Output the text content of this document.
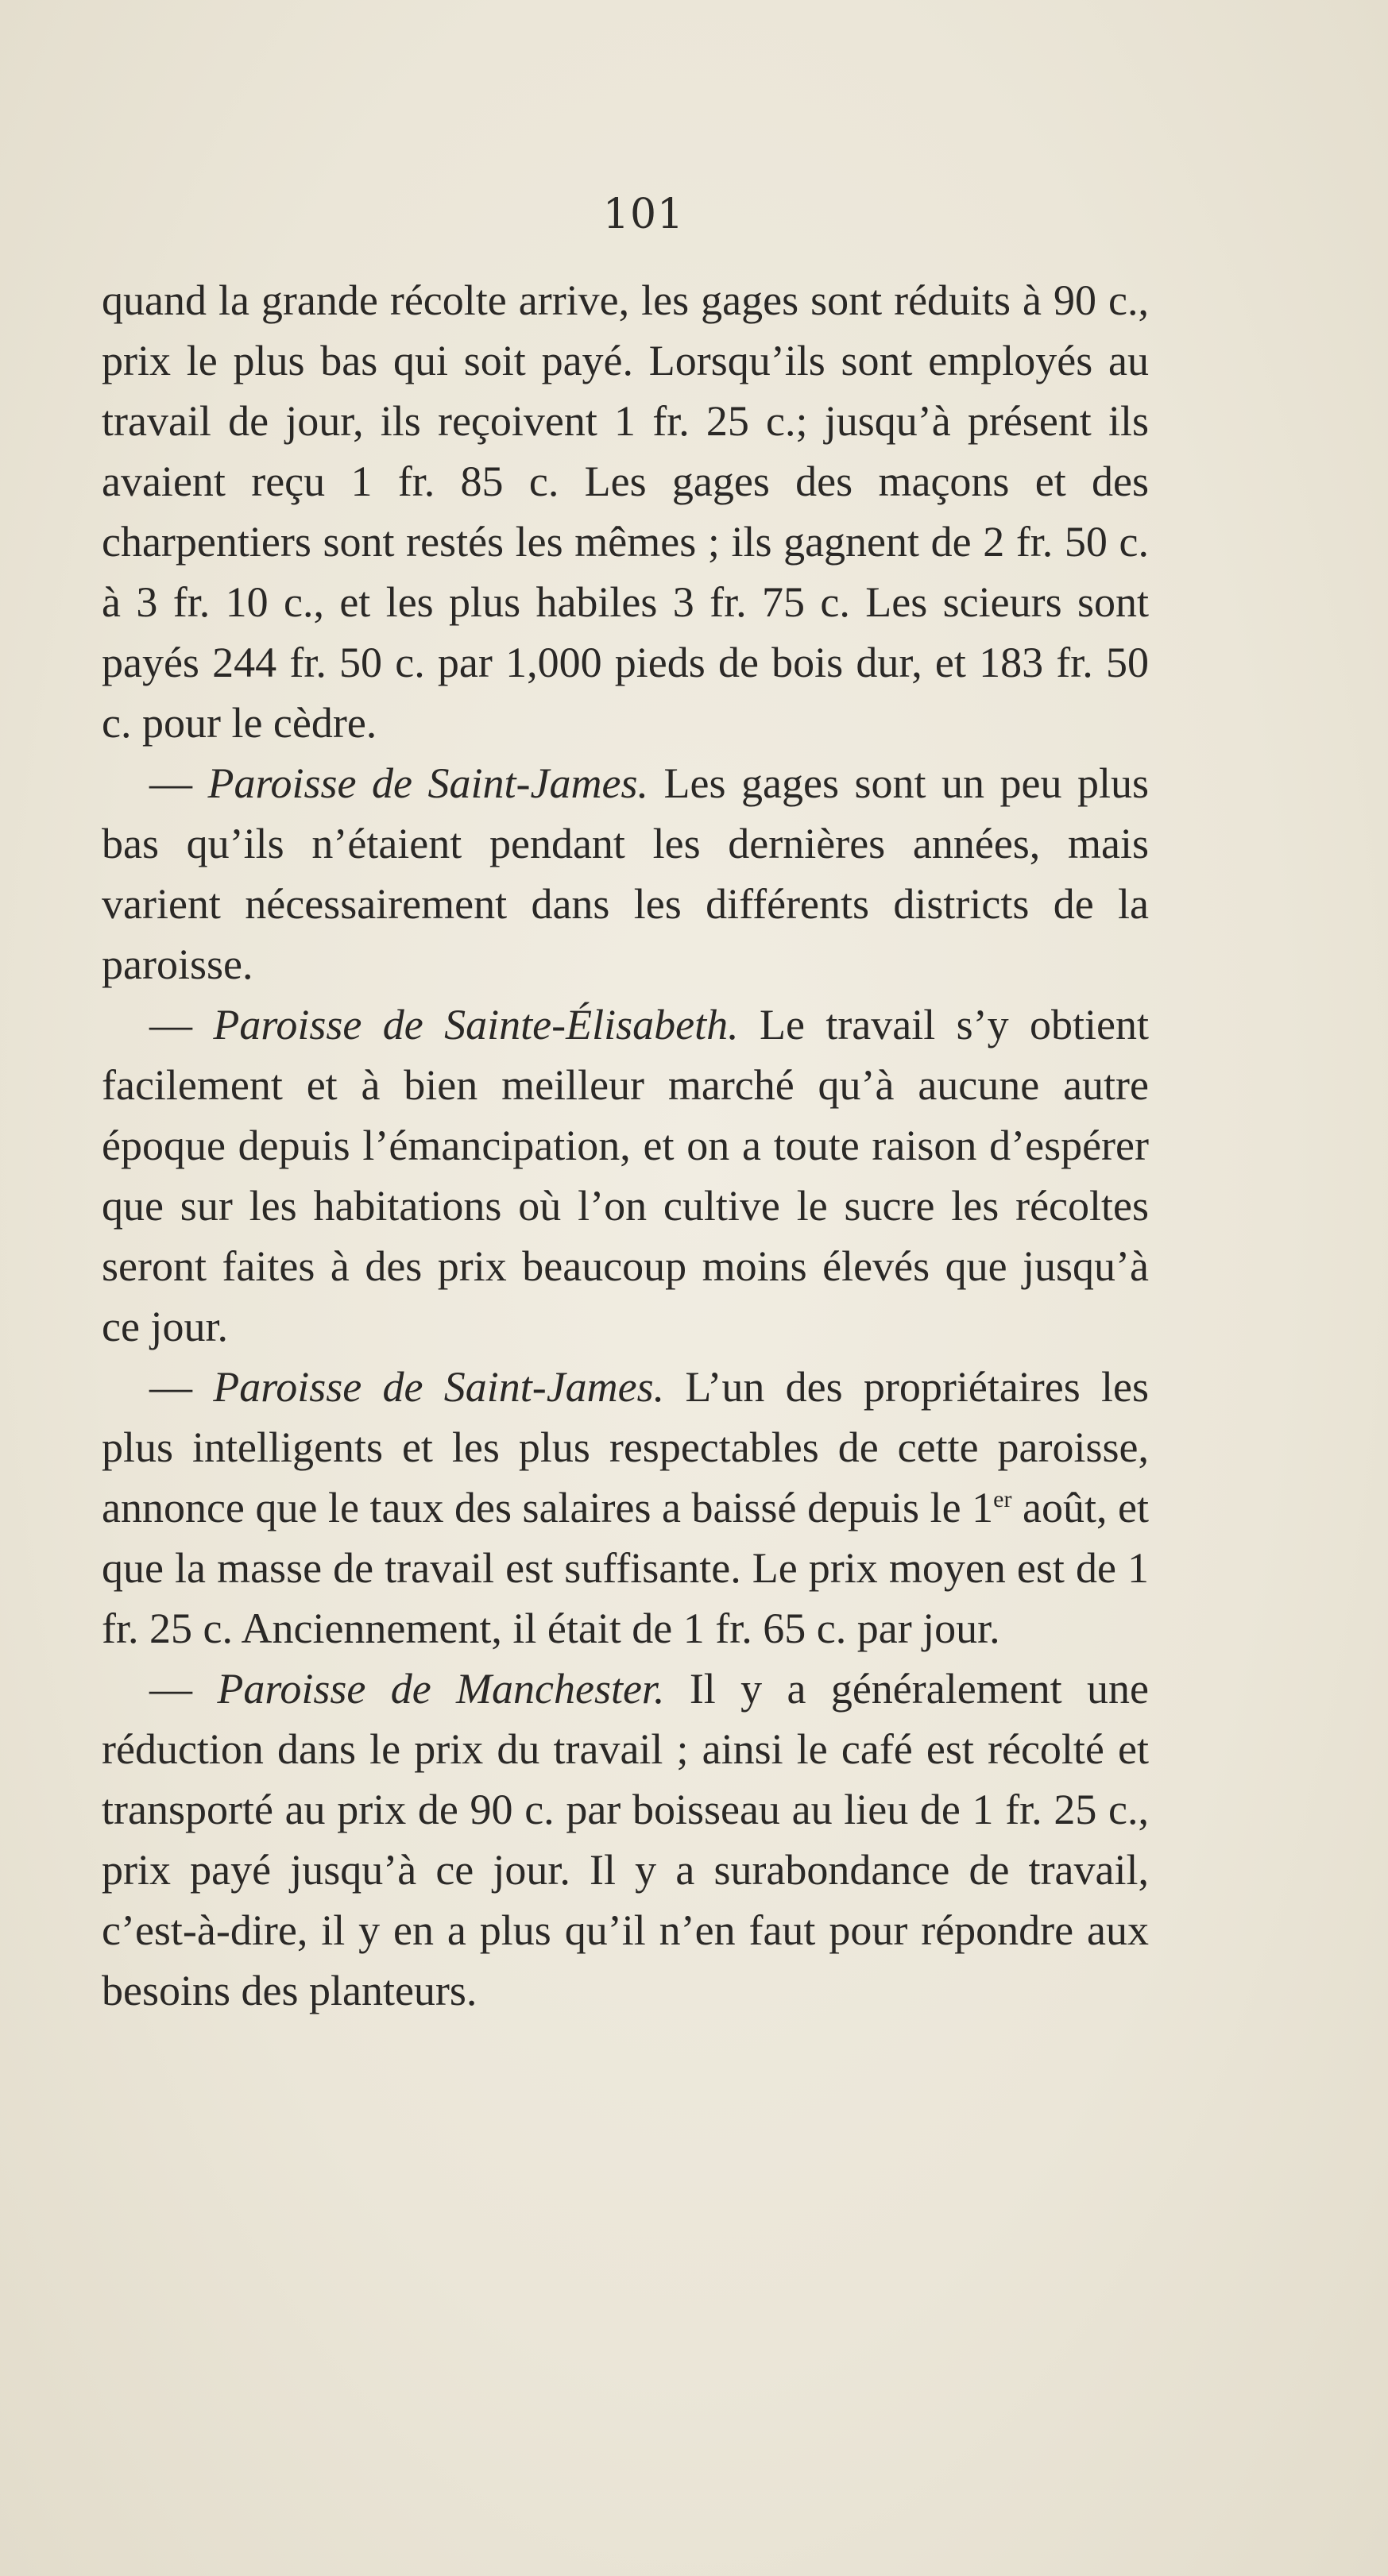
101

quand la grande récolte arrive, les gages sont réduits à 90 c., prix le plus bas qui soit payé. Lorsqu’ils sont employés au travail de jour, ils reçoivent 1 fr. 25 c.; jusqu’à présent ils avaient reçu 1 fr. 85 c. Les gages des maçons et des charpentiers sont restés les mêmes ; ils gagnent de 2 fr. 50 c. à 3 fr. 10 c., et les plus habiles 3 fr. 75 c. Les scieurs sont payés 244 fr. 50 c. par 1,000 pieds de bois dur, et 183 fr. 50 c. pour le cèdre.

— Paroisse de Saint-James. Les gages sont un peu plus bas qu’ils n’étaient pendant les dernières années, mais varient nécessairement dans les différents districts de la paroisse.

— Paroisse de Sainte-Élisabeth. Le travail s’y obtient facilement et à bien meilleur marché qu’à aucune autre époque depuis l’émancipation, et on a toute raison d’espérer que sur les habitations où l’on cultive le sucre les récoltes seront faites à des prix beaucoup moins élevés que jusqu’à ce jour.

— Paroisse de Saint-James. L’un des propriétaires les plus intelligents et les plus respectables de cette paroisse, annonce que le taux des salaires a baissé depuis le 1er août, et que la masse de travail est suffisante. Le prix moyen est de 1 fr. 25 c. Anciennement, il était de 1 fr. 65 c. par jour.

— Paroisse de Manchester. Il y a généralement une réduction dans le prix du travail ; ainsi le café est récolté et transporté au prix de 90 c. par boisseau au lieu de 1 fr. 25 c., prix payé jusqu’à ce jour. Il y a surabondance de travail, c’est-à-dire, il y en a plus qu’il n’en faut pour répondre aux besoins des planteurs.
